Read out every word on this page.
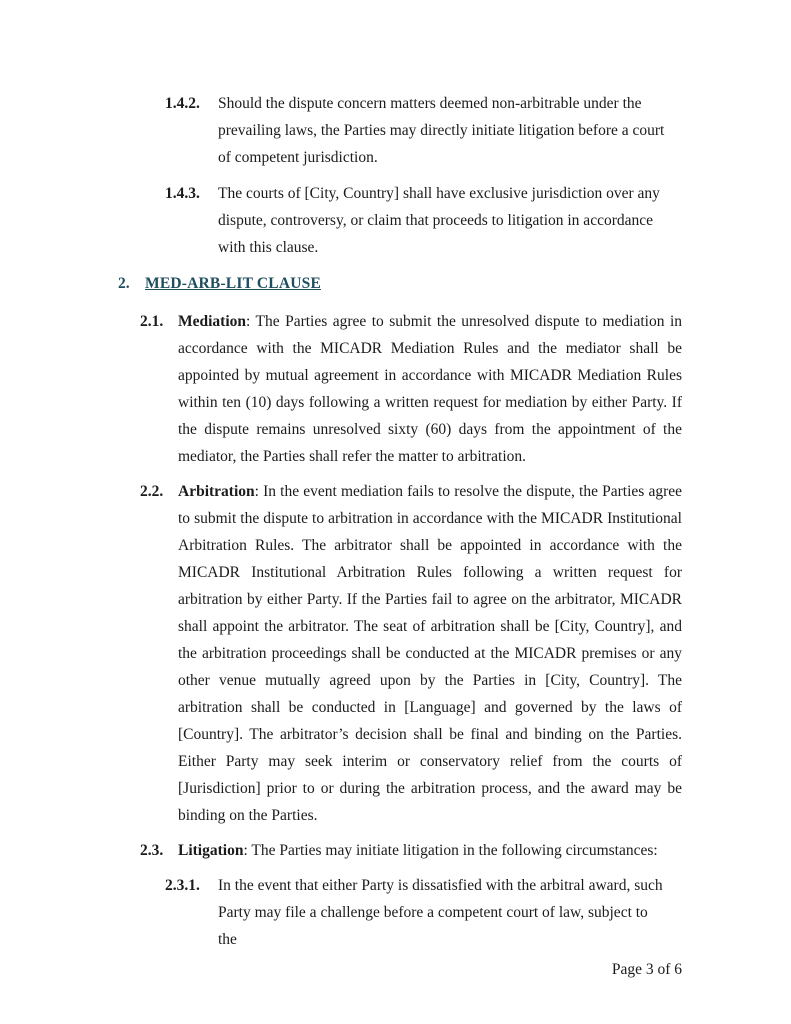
1.4.2.	Should the dispute concern matters deemed non-arbitrable under the prevailing laws, the Parties may directly initiate litigation before a court of competent jurisdiction.
1.4.3.	The courts of [City, Country] shall have exclusive jurisdiction over any dispute, controversy, or claim that proceeds to litigation in accordance with this clause.
2. MED-ARB-LIT CLAUSE
2.1. Mediation: The Parties agree to submit the unresolved dispute to mediation in accordance with the MICADR Mediation Rules and the mediator shall be appointed by mutual agreement in accordance with MICADR Mediation Rules within ten (10) days following a written request for mediation by either Party. If the dispute remains unresolved sixty (60) days from the appointment of the mediator, the Parties shall refer the matter to arbitration.
2.2. Arbitration: In the event mediation fails to resolve the dispute, the Parties agree to submit the dispute to arbitration in accordance with the MICADR Institutional Arbitration Rules. The arbitrator shall be appointed in accordance with the MICADR Institutional Arbitration Rules following a written request for arbitration by either Party. If the Parties fail to agree on the arbitrator, MICADR shall appoint the arbitrator. The seat of arbitration shall be [City, Country], and the arbitration proceedings shall be conducted at the MICADR premises or any other venue mutually agreed upon by the Parties in [City, Country]. The arbitration shall be conducted in [Language] and governed by the laws of [Country]. The arbitrator’s decision shall be final and binding on the Parties. Either Party may seek interim or conservatory relief from the courts of [Jurisdiction] prior to or during the arbitration process, and the award may be binding on the Parties.
2.3. Litigation: The Parties may initiate litigation in the following circumstances:
2.3.1.	In the event that either Party is dissatisfied with the arbitral award, such Party may file a challenge before a competent court of law, subject to the
Page 3 of 6
